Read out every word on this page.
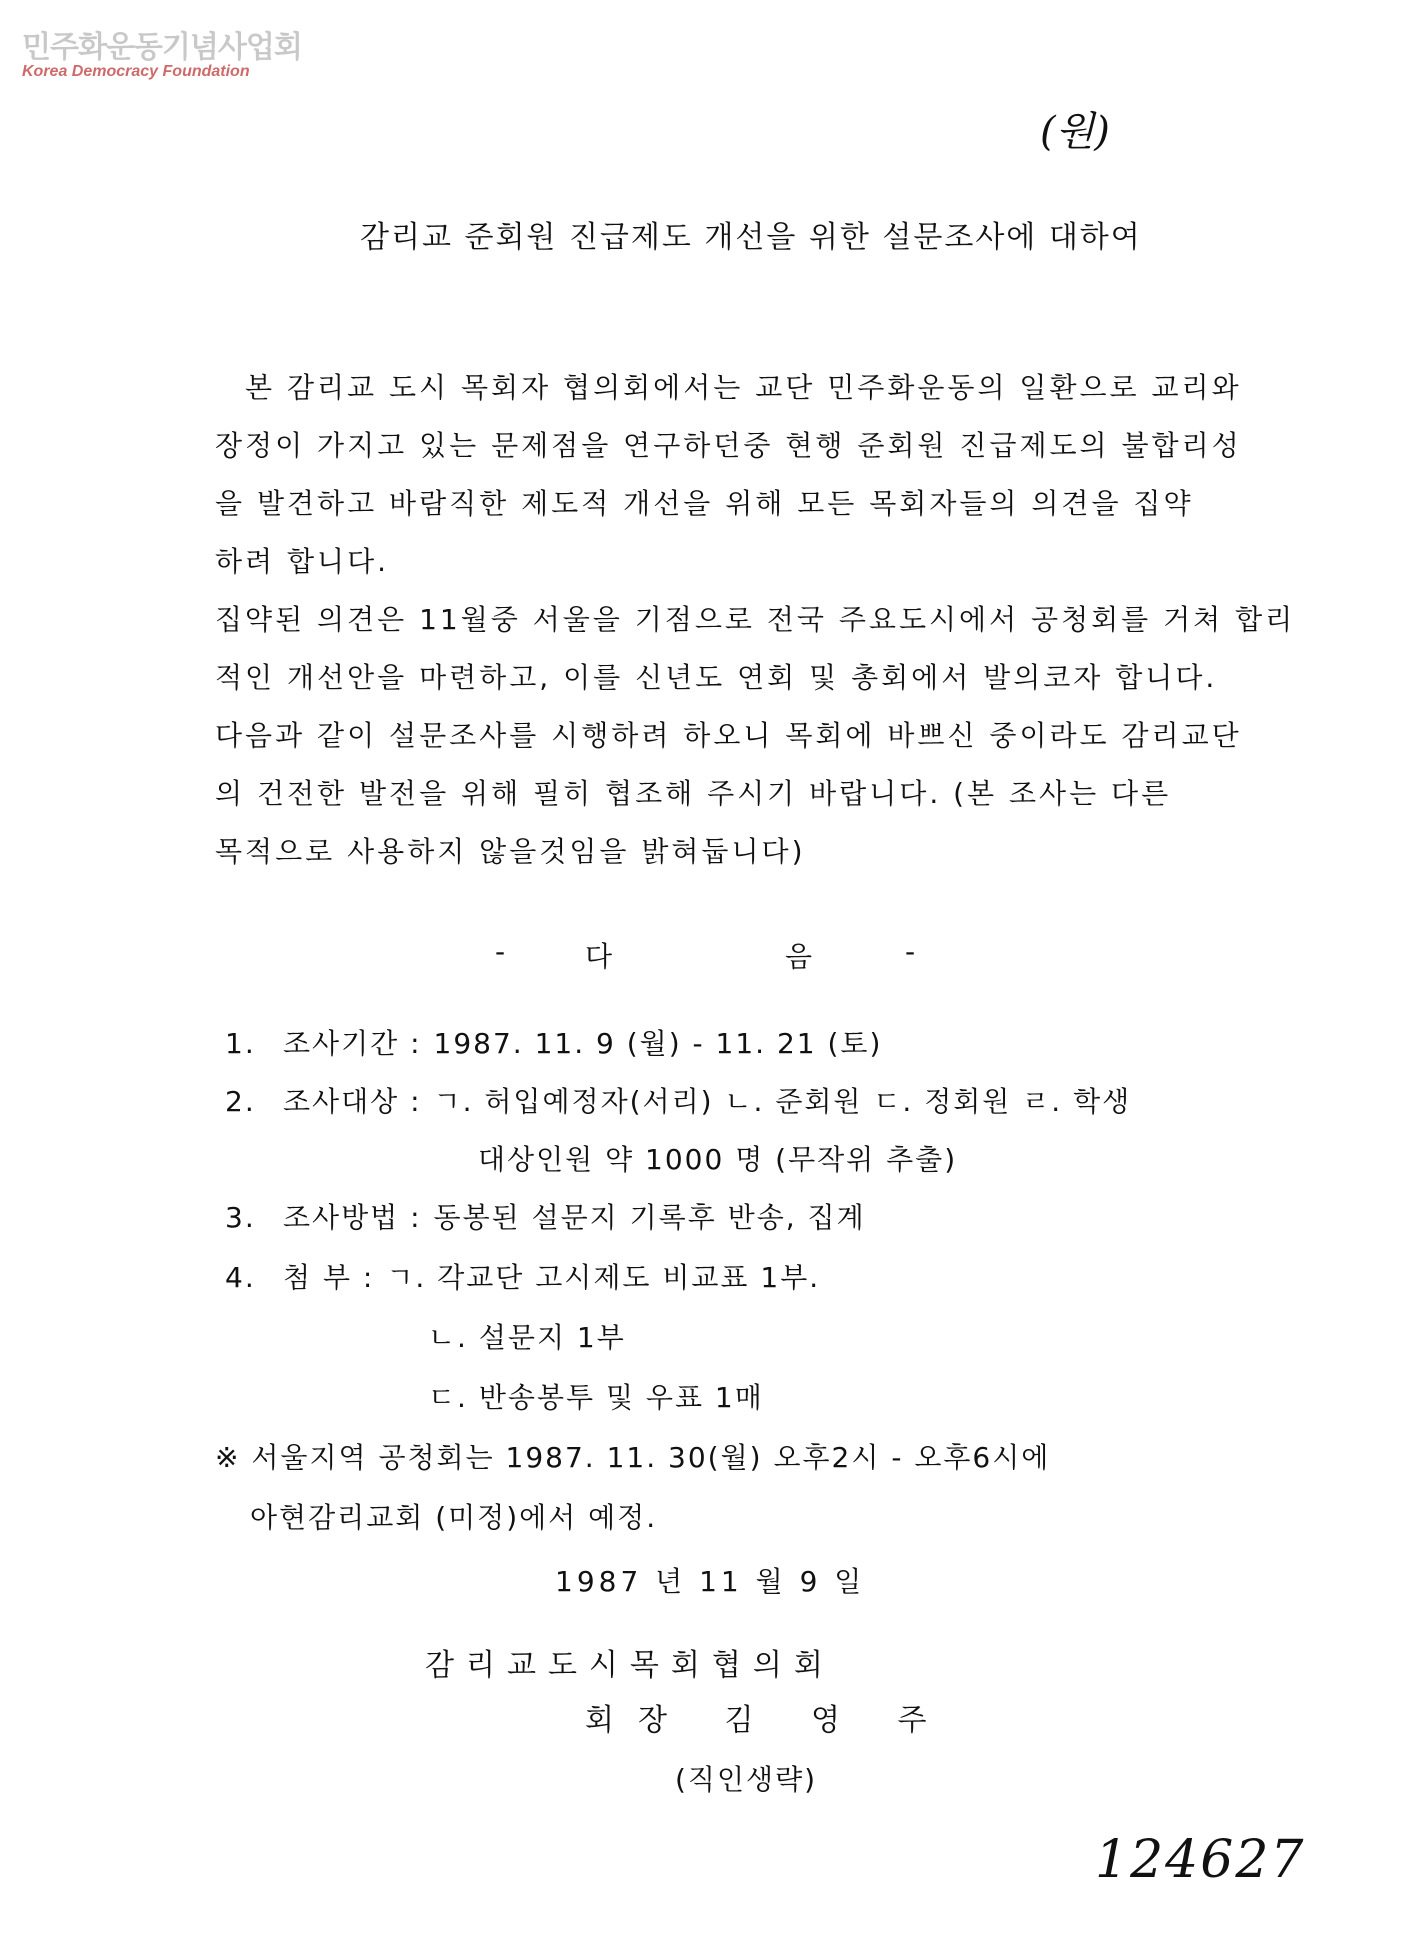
민주화운동기념사업회
Korea Democracy Foundation
(원)
감리교 준회원 진급제도 개선을 위한 설문조사에 대하여
본 감리교 도시 목회자 협의회에서는 교단 민주화운동의 일환으로 교리와
장정이 가지고 있는 문제점을 연구하던중 현행 준회원 진급제도의 불합리성
을 발견하고 바람직한 제도적 개선을 위해 모든 목회자들의 의견을 집약
하려 합니다.
집약된 의견은 11월중 서울을 기점으로 전국 주요도시에서 공청회를 거쳐 합리
적인 개선안을 마련하고, 이를 신년도 연회 및 총회에서 발의코자 합니다.
다음과 같이 설문조사를 시행하려 하오니 목회에 바쁘신 중이라도 감리교단
의 건전한 발전을 위해 필히 협조해 주시기 바랍니다. (본 조사는 다른
목적으로 사용하지 않을것임을 밝혀둡니다)
-	다	음	-
1. 조사기간 : 1987. 11. 9 (월) - 11. 21 (토)
2. 조사대상 : ㄱ. 허입예정자(서리) ㄴ. 준회원 ㄷ. 정회원 ㄹ. 학생
대상인원 약 1000 명 (무작위 추출)
3. 조사방법 : 동봉된 설문지 기록후 반송, 집계
4. 첨 부 : ㄱ. 각교단 고시제도 비교표 1부.
ㄴ. 설문지 1부
ㄷ. 반송봉투 및 우표 1매
※ 서울지역 공청회는 1987. 11. 30(월) 오후2시 - 오후6시에
아현감리교회 (미정)에서 예정.
1987 년 11 월 9 일
감리교도시목회협의회
회장 김 영 주
(직인생략)
124627
